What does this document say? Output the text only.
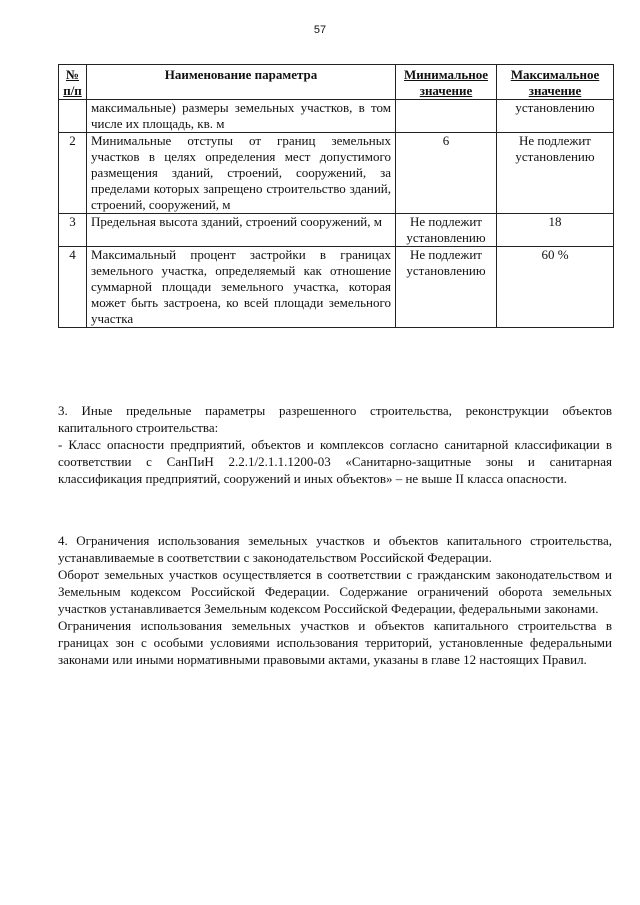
57
№ п/п	Наименование параметра	Минимальное значение	Максимальное значение
	максимальные) размеры земельных участков, в том числе их площадь, кв. м		установлению
2	Минимальные отступы от границ земельных участков в целях определения мест допустимого размещения зданий, строений, сооружений, за пределами которых запрещено строительство зданий, строений, сооружений, м	6	Не подлежит установлению
3	Предельная высота зданий, строений сооружений, м	Не подлежит установлению	18
4	Максимальный процент застройки в границах земельного участка, определяемый как отношение суммарной площади земельного участка, которая может быть застроена, ко всей площади земельного участка	Не подлежит установлению	60 %

3. Иные предельные параметры разрешенного строительства, реконструкции объектов капитального строительства:

- Класс опасности предприятий, объектов и комплексов согласно санитарной классификации в соответствии с СанПиН 2.2.1/2.1.1.1200-03 «Санитарно-защитные зоны и санитарная классификация предприятий, сооружений и иных объектов» – не выше II класса опасности.

4. Ограничения использования земельных участков и объектов капитального строительства, устанавливаемые в соответствии с законодательством Российской Федерации.

Оборот земельных участков осуществляется в соответствии с гражданским законодательством и Земельным кодексом Российской Федерации. Содержание ограничений оборота земельных участков устанавливается Земельным кодексом Российской Федерации, федеральными законами.

Ограничения использования земельных участков и объектов капитального строительства в границах зон с особыми условиями использования территорий, установленные федеральными законами или иными нормативными правовыми актами, указаны в главе 12 настоящих Правил.
